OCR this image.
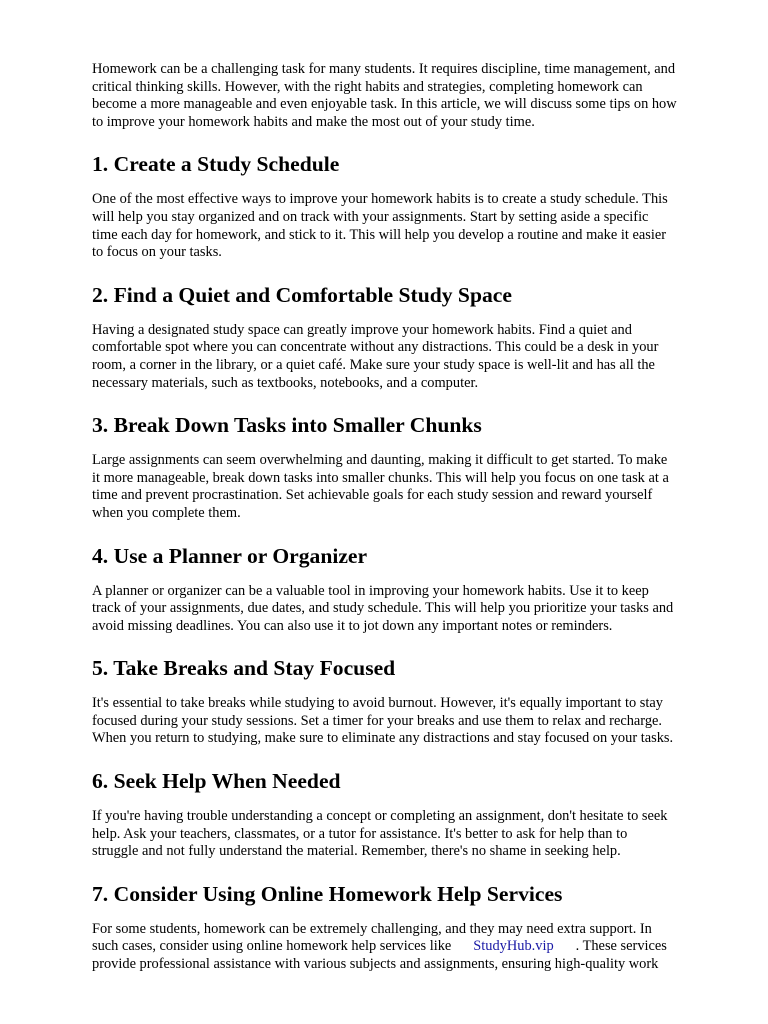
Homework can be a challenging task for many students. It requires discipline, time management, and
critical thinking skills. However, with the right habits and strategies, completing homework can
become a more manageable and even enjoyable task. In this article, we will discuss some tips on how
to improve your homework habits and make the most out of your study time.
1. Create a Study Schedule
One of the most effective ways to improve your homework habits is to create a study schedule. This
will help you stay organized and on track with your assignments. Start by setting aside a specific
time each day for homework, and stick to it. This will help you develop a routine and make it easier
to focus on your tasks.
2. Find a Quiet and Comfortable Study Space
Having a designated study space can greatly improve your homework habits. Find a quiet and
comfortable spot where you can concentrate without any distractions. This could be a desk in your
room, a corner in the library, or a quiet café. Make sure your study space is well-lit and has all the
necessary materials, such as textbooks, notebooks, and a computer.
3. Break Down Tasks into Smaller Chunks
Large assignments can seem overwhelming and daunting, making it difficult to get started. To make
it more manageable, break down tasks into smaller chunks. This will help you focus on one task at a
time and prevent procrastination. Set achievable goals for each study session and reward yourself
when you complete them.
4. Use a Planner or Organizer
A planner or organizer can be a valuable tool in improving your homework habits. Use it to keep
track of your assignments, due dates, and study schedule. This will help you prioritize your tasks and
avoid missing deadlines. You can also use it to jot down any important notes or reminders.
5. Take Breaks and Stay Focused
It's essential to take breaks while studying to avoid burnout. However, it's equally important to stay
focused during your study sessions. Set a timer for your breaks and use them to relax and recharge.
When you return to studying, make sure to eliminate any distractions and stay focused on your tasks.
6. Seek Help When Needed
If you're having trouble understanding a concept or completing an assignment, don't hesitate to seek
help. Ask your teachers, classmates, or a tutor for assistance. It's better to ask for help than to
struggle and not fully understand the material. Remember, there's no shame in seeking help.
7. Consider Using Online Homework Help Services
For some students, homework can be extremely challenging, and they may need extra support. In
such cases, consider using online homework help services like StudyHub.vip . These services
provide professional assistance with various subjects and assignments, ensuring high-quality work
